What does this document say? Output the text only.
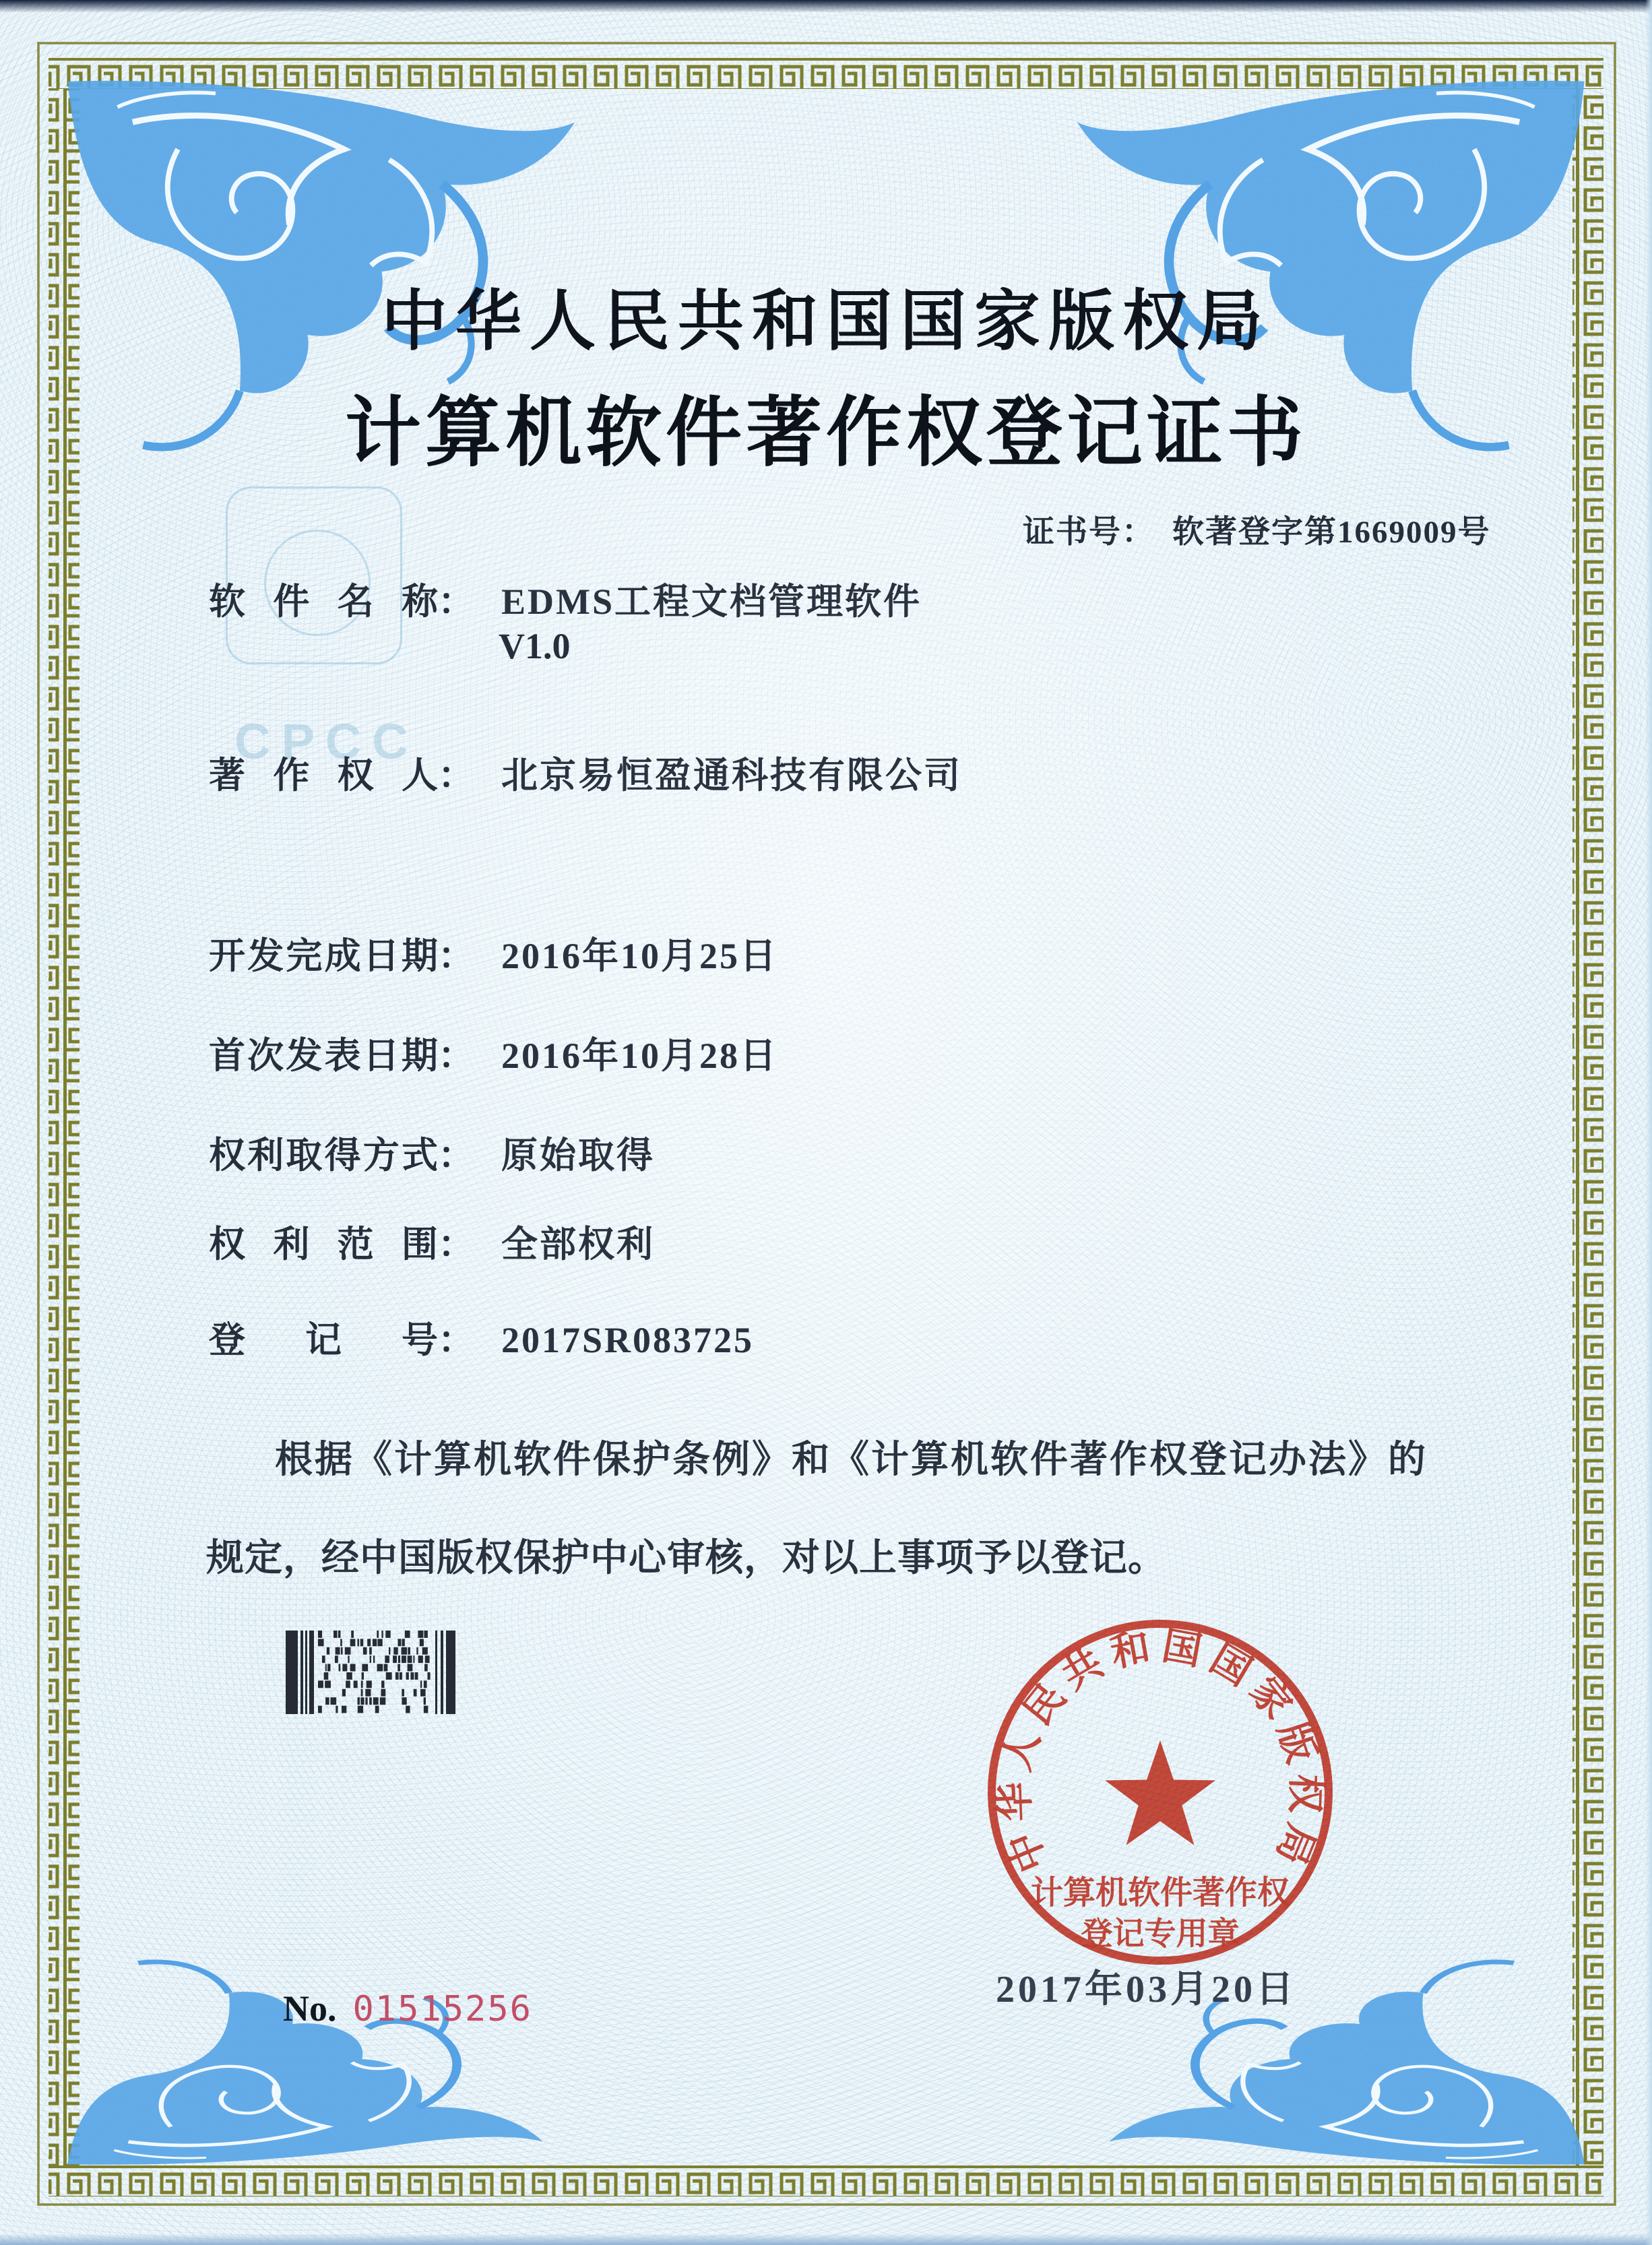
CPCC
中华人民共和国国家版权局
计算机软件著作权登记证书
证书号： 软著登字第1669009号
软件名称： EDMS工程文档管理软件
V1.0
著作权人： 北京易恒盈通科技有限公司
开发完成日期： 2016年10月25日
首次发表日期： 2016年10月28日
权利取得方式： 原始取得
权利范围： 全部权利
登记号： 2017SR083725
根据《计算机软件保护条例》和《计算机软件著作权登记办法》的
规定，经中国版权保护中心审核，对以上事项予以登记。
中华人民共和国国家版权局
计算机软件著作权
登记专用章
2017年03月20日
No. 01515256
